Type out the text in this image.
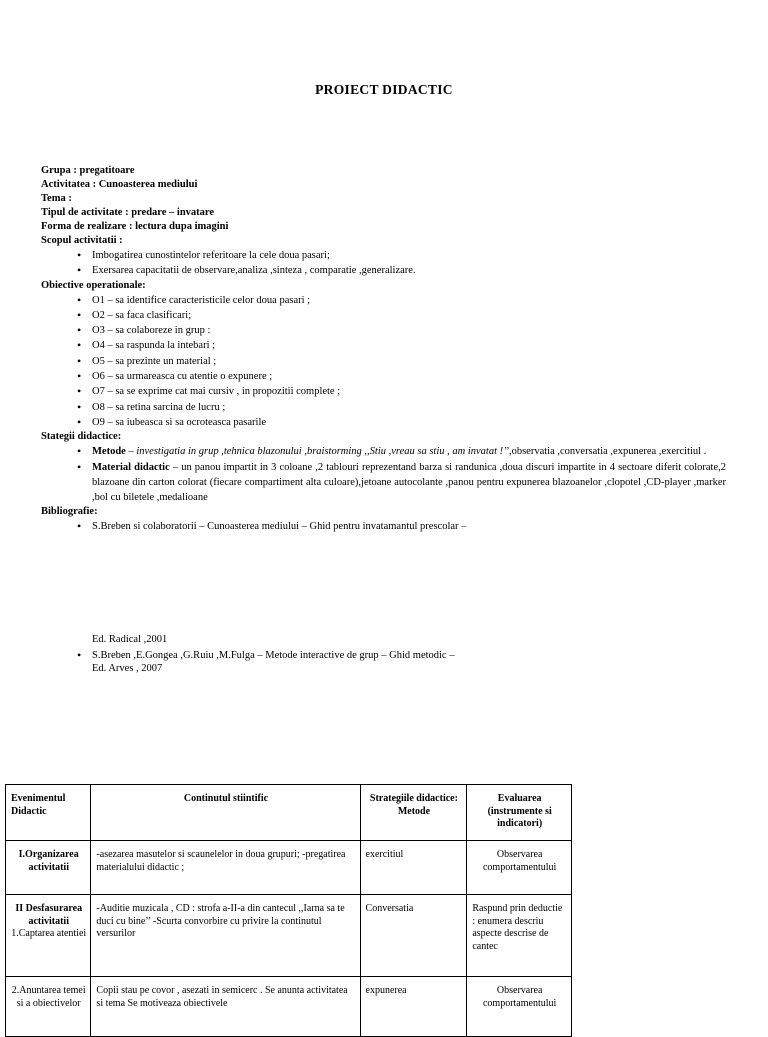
PROIECT DIDACTIC
Grupa : pregatitoare
Activitatea : Cunoasterea mediului
Tema :
Tipul de activitate : predare – invatare
Forma de realizare : lectura dupa imagini
Scopul activitatii :
• Imbogatirea cunostintelor referitoare la cele doua pasari;
• Exersarea capacitatii de observare,analiza ,sinteza , comparatie ,generalizare.
Obiective operationale:
• O1 – sa identifice caracteristicile celor doua pasari ;
• O2 – sa faca clasificari;
• O3 – sa colaboreze in grup :
• O4 – sa raspunda la intebari ;
• O5 – sa prezinte un material ;
• O6 – sa urmareasca cu atentie o expunere ;
• O7 – sa se exprime cat mai cursiv , in propozitii complete ;
• O8 – sa retina sarcina de lucru ;
• O9 – sa iubeasca si sa ocroteasca pasarile
Stategii didactice:
• Metode – investigatia in grup ,tehnica blazonului ,braistorming ,,Stiu ,vreau sa stiu , am invatat !’’,observatia ,conversatia ,expunerea ,exercitiul .
• Material didactic – un panou impartit in 3 coloane ,2 tablouri reprezentand barza si randunica ,doua discuri impartite in 4 sectoare diferit colorate,2 blazoane din carton colorat (fiecare compartiment alta culoare),jetoane autocolante ,panou pentru expunerea blazoanelor ,clopotel ,CD-player ,marker ,bol cu biletele ,medalioane
Bibliografie:
• S.Breben si colaboratorii – Cunoasterea mediului – Ghid pentru invatamantul prescolar –
Ed. Radical ,2001
• S.Breben ,E.Gongea ,G.Ruiu ,M.Fulga – Metode interactive de grup – Ghid metodic –
Ed. Arves , 2007
Evenimentul Didactic	Continutul stiintific	Strategiile didactice: Metode	Evaluarea (instrumente si indicatori)
I.Organizarea activitatii	-asezarea masutelor si scaunelelor in doua grupuri; -pregatirea materialului didactic ;	exercitiul	Observarea comportamentului

II Desfasurarea activitatii
1.Captarea atentiei	-Auditie muzicala , CD : strofa a-II-a din cantecul ,,Iarna sa te duci cu bine’’ -Scurta convorbire cu privire la continutul versurilor	Conversatia	Raspund prin deductie : enumera descriu aspecte descrise de cantec
2.Anuntarea temei si a obiectivelor	Copii stau pe covor , asezati in semicerc . Se anunta activitatea si tema Se motiveaza obiectivele	expunerea	Observarea comportamentului
